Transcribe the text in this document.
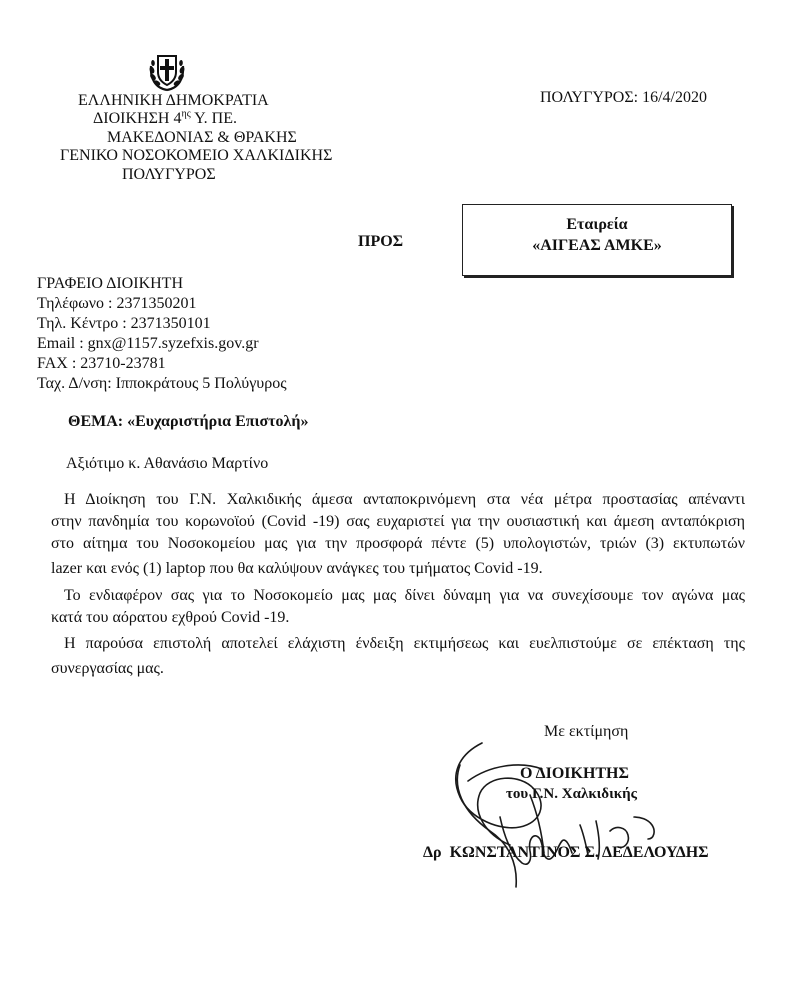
ΕΛΛΗΝΙΚΗ ΔΗΜΟΚΡΑΤΙΑ
ΔΙΟΙΚΗΣΗ $4^{\eta\varsigma}$ Υ. ΠΕ.
ΜΑΚΕΔΟΝΙΑΣ & ΘΡΑΚΗΣ
ΓΕΝΙΚΟ ΝΟΣΟΚΟΜΕΙΟ ΧΑΛΚΙΔΙΚΗΣ
ΠΟΛΥΓΥΡΟΣ
ΠΟΛΥΓΥΡΟΣ: 16/4/2020
ΠΡΟΣ
Εταιρεία
«ΑΙΓΕΑΣ ΑΜΚΕ»
ΓΡΑΦΕΙΟ ΔΙΟΙΚΗΤΗ
Τηλέφωνο : 2371350201
Τηλ. Κέντρο : 2371350101
Email : gnx@1157.syzefxis.gov.gr
FAX : 23710-23781
Ταχ. Δ/νση: Ιπποκράτους 5 Πολύγυρος
ΘΕΜΑ: «Ευχαριστήρια Επιστολή»
Αξιότιμο κ. Αθανάσιο Μαρτίνο
Η Διοίκηση του Γ.Ν. Χαλκιδικής άμεσα ανταποκρινόμενη στα νέα μέτρα προστασίας απέναντι
στην πανδημία του κορωνοϊού (Covid -19) σας ευχαριστεί για την ουσιαστική και άμεση ανταπόκριση
στο αίτημα του Νοσοκομείου μας για την προσφορά πέντε (5) υπολογιστών, τριών (3) εκτυπωτών
lazer και ενός (1) laptop που θα καλύψουν ανάγκες του τμήματος Covid -19.
Το ενδιαφέρον σας για το Νοσοκομείο μας μας δίνει δύναμη για να συνεχίσουμε τον αγώνα μας
κατά του αόρατου εχθρού Covid -19.
Η παρούσα επιστολή αποτελεί ελάχιστη ένδειξη εκτιμήσεως και ευελπιστούμε σε επέκταση της
συνεργασίας μας.
Με εκτίμηση
Ο ΔΙΟΙΚΗΤΗΣ
του Γ.Ν. Χαλκιδικής
Δρ ΚΩΝΣΤΑΝΤΙΝΟΣ Σ. ΔΕΔΕΛΟΥΔΗΣ
